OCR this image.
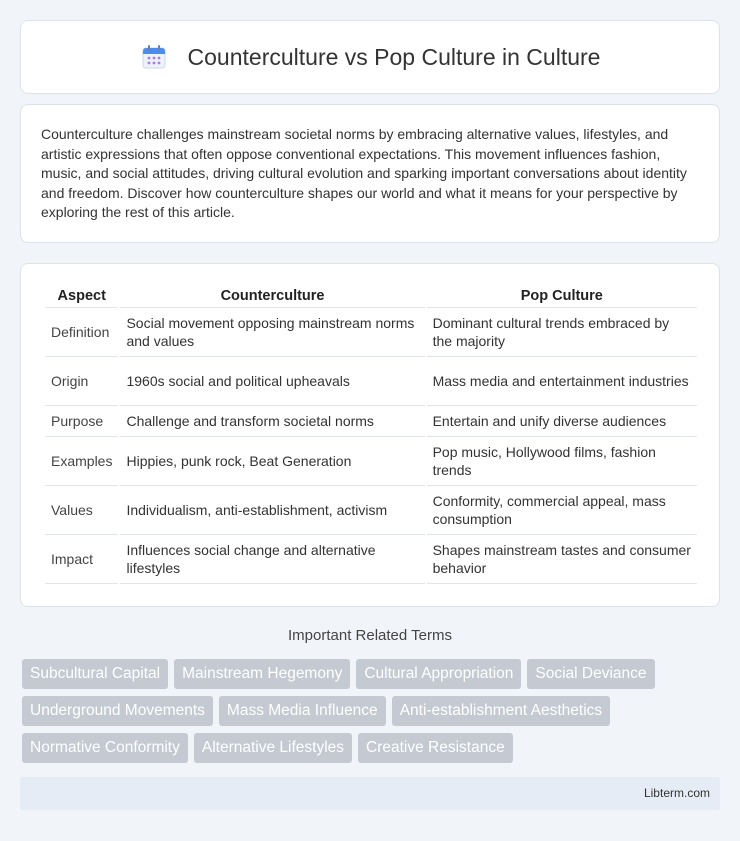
Counterculture vs Pop Culture in Culture

Counterculture challenges mainstream societal norms by embracing alternative values, lifestyles, and artistic expressions that often oppose conventional expectations. This movement influences fashion, music, and social attitudes, driving cultural evolution and sparking important conversations about identity and freedom. Discover how counterculture shapes our world and what it means for your perspective by exploring the rest of this article.

Aspect	Counterculture	Pop Culture
Definition	Social movement opposing mainstream norms and values	Dominant cultural trends embraced by the majority
Origin	1960s social and political upheavals	Mass media and entertainment industries
Purpose	Challenge and transform societal norms	Entertain and unify diverse audiences
Examples	Hippies, punk rock, Beat Generation	Pop music, Hollywood films, fashion trends
Values	Individualism, anti-establishment, activism	Conformity, commercial appeal, mass consumption
Impact	Influences social change and alternative lifestyles	Shapes mainstream tastes and consumer behavior
Important Related Terms
Subcultural Capital	Mainstream Hegemony	Cultural Appropriation	Social Deviance
Underground Movements	Mass Media Influence	Anti-establishment Aesthetics
Normative Conformity	Alternative Lifestyles	Creative Resistance
Libterm.com
